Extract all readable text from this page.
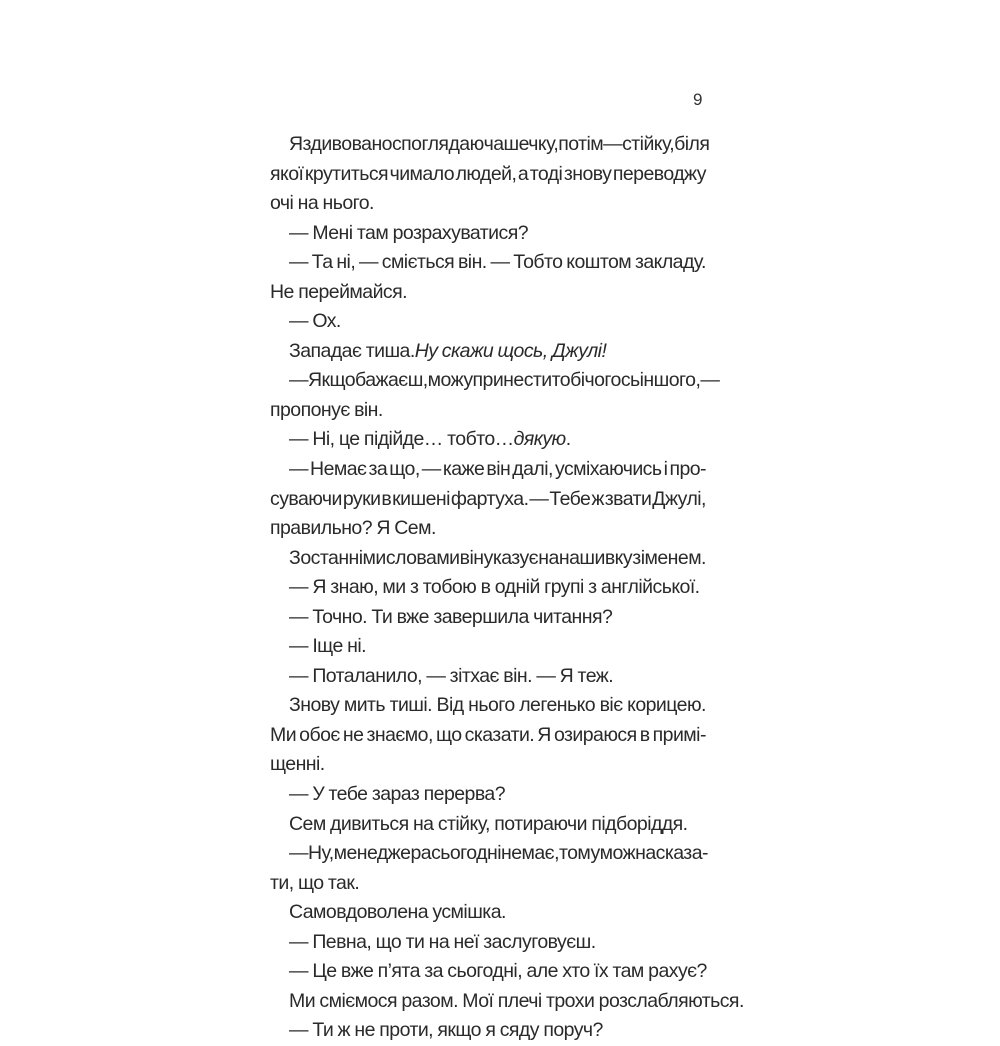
9
Я здивовано споглядаю чашечку, потім — стійку, біля
якої крутиться чимало людей, а тоді знову переводжу
очі на нього.
— Мені там розрахуватися?
— Та ні, — сміється він. — Тобто коштом закладу.
Не переймайся.
— Ох.
Западає тиша. Ну скажи щось, Джулі!
— Якщо бажаєш, можу принести тобі чогось іншого, —
пропонує він.
— Ні, це підійде… тобто… дякую .
— Немає за що, — каже він далі, усміхаючись і про-
суваючи руки в кишені фартуха. — Тебе ж звати Джулі,
правильно? Я Сем.
З останніми словами він указує на нашивку з іменем.
— Я знаю, ми з тобою в одній групі з англійської.
— Точно. Ти вже завершила читання?
— Іще ні.
— Поталанило, — зітхає він. — Я теж.
Знову мить тиші. Від нього легенько віє корицею.
Ми обоє не знаємо, що сказати. Я озираюся в примі-
щенні.
— У тебе зараз перерва?
Сем дивиться на стійку, потираючи підборіддя.
— Ну, менеджера сьогодні немає, тому можна сказа-
ти, що так.
Самовдоволена усмішка.
— Певна, що ти на неї заслуговуєш.
— Це вже п’ята за сьогодні, але хто їх там рахує?
Ми сміємося разом. Мої плечі трохи розслабляються.
— Ти ж не проти, якщо я сяду поруч?
